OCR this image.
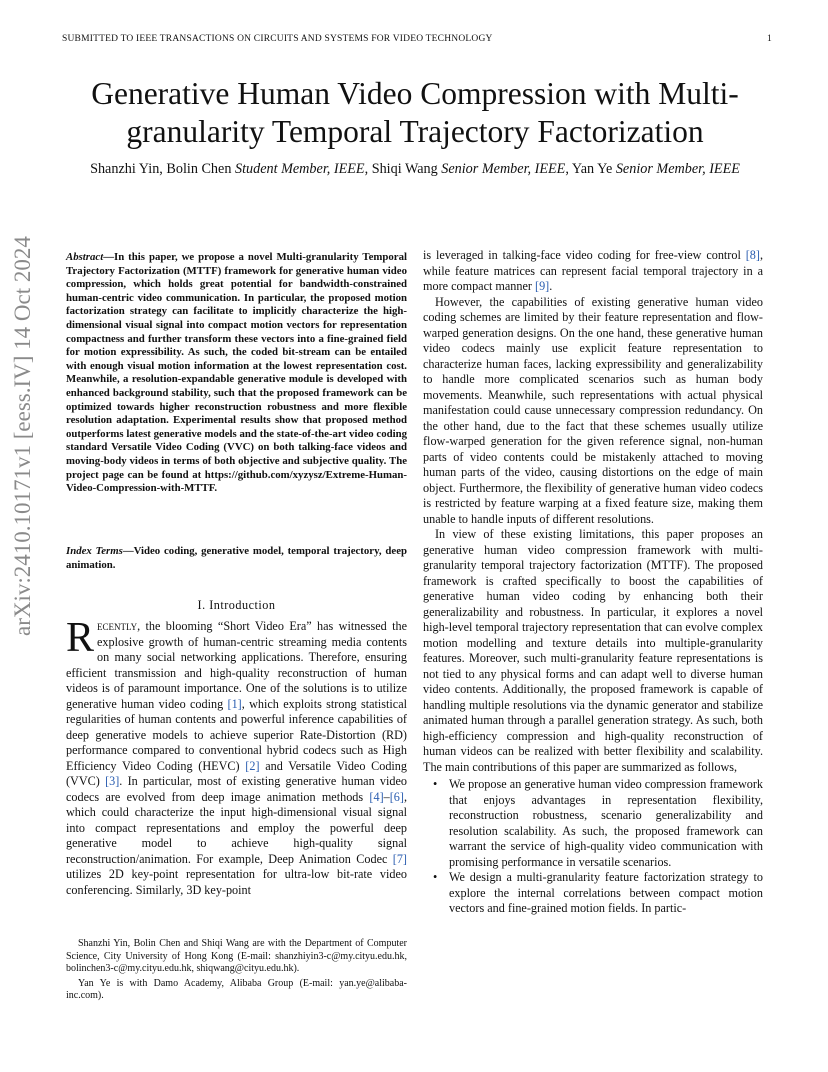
SUBMITTED TO IEEE TRANSACTIONS ON CIRCUITS AND SYSTEMS FOR VIDEO TECHNOLOGY	1
arXiv:2410.10171v1 [eess.IV] 14 Oct 2024
Generative Human Video Compression with Multi-granularity Temporal Trajectory Factorization
Shanzhi Yin, Bolin Chen Student Member, IEEE, Shiqi Wang Senior Member, IEEE, Yan Ye Senior Member, IEEE
Abstract—In this paper, we propose a novel Multi-granularity Temporal Trajectory Factorization (MTTF) framework for generative human video compression, which holds great potential for bandwidth-constrained human-centric video communication. In particular, the proposed motion factorization strategy can facilitate to implicitly characterize the high-dimensional visual signal into compact motion vectors for representation compactness and further transform these vectors into a fine-grained field for motion expressibility. As such, the coded bit-stream can be entailed with enough visual motion information at the lowest representation cost. Meanwhile, a resolution-expandable generative module is developed with enhanced background stability, such that the proposed framework can be optimized towards higher reconstruction robustness and more flexible resolution adaptation. Experimental results show that proposed method outperforms latest generative models and the state-of-the-art video coding standard Versatile Video Coding (VVC) on both talking-face videos and moving-body videos in terms of both objective and subjective quality. The project page can be found at https://github.com/xyzysz/Extreme-Human-Video-Compression-with-MTTF.
Index Terms—Video coding, generative model, temporal trajectory, deep animation.
I. Introduction
Recently, the blooming “Short Video Era” has witnessed the explosive growth of human-centric streaming media contents on many social networking applications. Therefore, ensuring efficient transmission and high-quality reconstruction of human videos is of paramount importance. One of the solutions is to utilize generative human video coding [1], which exploits strong statistical regularities of human contents and powerful inference capabilities of deep generative models to achieve superior Rate-Distortion (RD) performance compared to conventional hybrid codecs such as High Efficiency Video Coding (HEVC) [2] and Versatile Video Coding (VVC) [3]. In particular, most of existing generative human video codecs are evolved from deep image animation methods [4]–[6], which could characterize the input high-dimensional visual signal into compact representations and employ the powerful deep generative model to achieve high-quality signal reconstruction/animation. For example, Deep Animation Codec [7] utilizes 2D key-point representation for ultra-low bit-rate video conferencing. Similarly, 3D key-point

Shanzhi Yin, Bolin Chen and Shiqi Wang are with the Department of Computer Science, City University of Hong Kong (E-mail: shanzhiyin3-c@my.cityu.edu.hk, bolinchen3-c@my.cityu.edu.hk, shiqwang@cityu.edu.hk).

Yan Ye is with Damo Academy, Alibaba Group (E-mail: yan.ye@alibaba-inc.com).

is leveraged in talking-face video coding for free-view control [8], while feature matrices can represent facial temporal trajectory in a more compact manner [9].

However, the capabilities of existing generative human video coding schemes are limited by their feature representation and flow-warped generation designs. On the one hand, these generative human video codecs mainly use explicit feature representation to characterize human faces, lacking expressibility and generalizability to handle more complicated scenarios such as human body movements. Meanwhile, such representations with actual physical manifestation could cause unnecessary compression redundancy. On the other hand, due to the fact that these schemes usually utilize flow-warped generation for the given reference signal, non-human parts of video contents could be mistakenly attached to moving human parts of the video, causing distortions on the edge of main object. Furthermore, the flexibility of generative human video codecs is restricted by feature warping at a fixed feature size, making them unable to handle inputs of different resolutions.

In view of these existing limitations, this paper proposes an generative human video compression framework with multi-granularity temporal trajectory factorization (MTTF). The proposed framework is crafted specifically to boost the capabilities of generative human video coding by enhancing both their generalizability and robustness. In particular, it explores a novel high-level temporal trajectory representation that can evolve complex motion modelling and texture details into multiple-granularity features. Moreover, such multi-granularity feature representations is not tied to any physical forms and can adapt well to diverse human video contents. Additionally, the proposed framework is capable of handling multiple resolutions via the dynamic generator and stabilize animated human through a parallel generation strategy. As such, both high-efficiency compression and high-quality reconstruction of human videos can be realized with better flexibility and scalability. The main contributions of this paper are summarized as follows,

• We propose an generative human video compression framework that enjoys advantages in representation flexibility, reconstruction robustness, scenario generalizability and resolution scalability. As such, the proposed framework can warrant the service of high-quality video communication with promising performance in versatile scenarios.
• We design a multi-granularity feature factorization strategy to explore the internal correlations between compact motion vectors and fine-grained motion fields. In partic-
